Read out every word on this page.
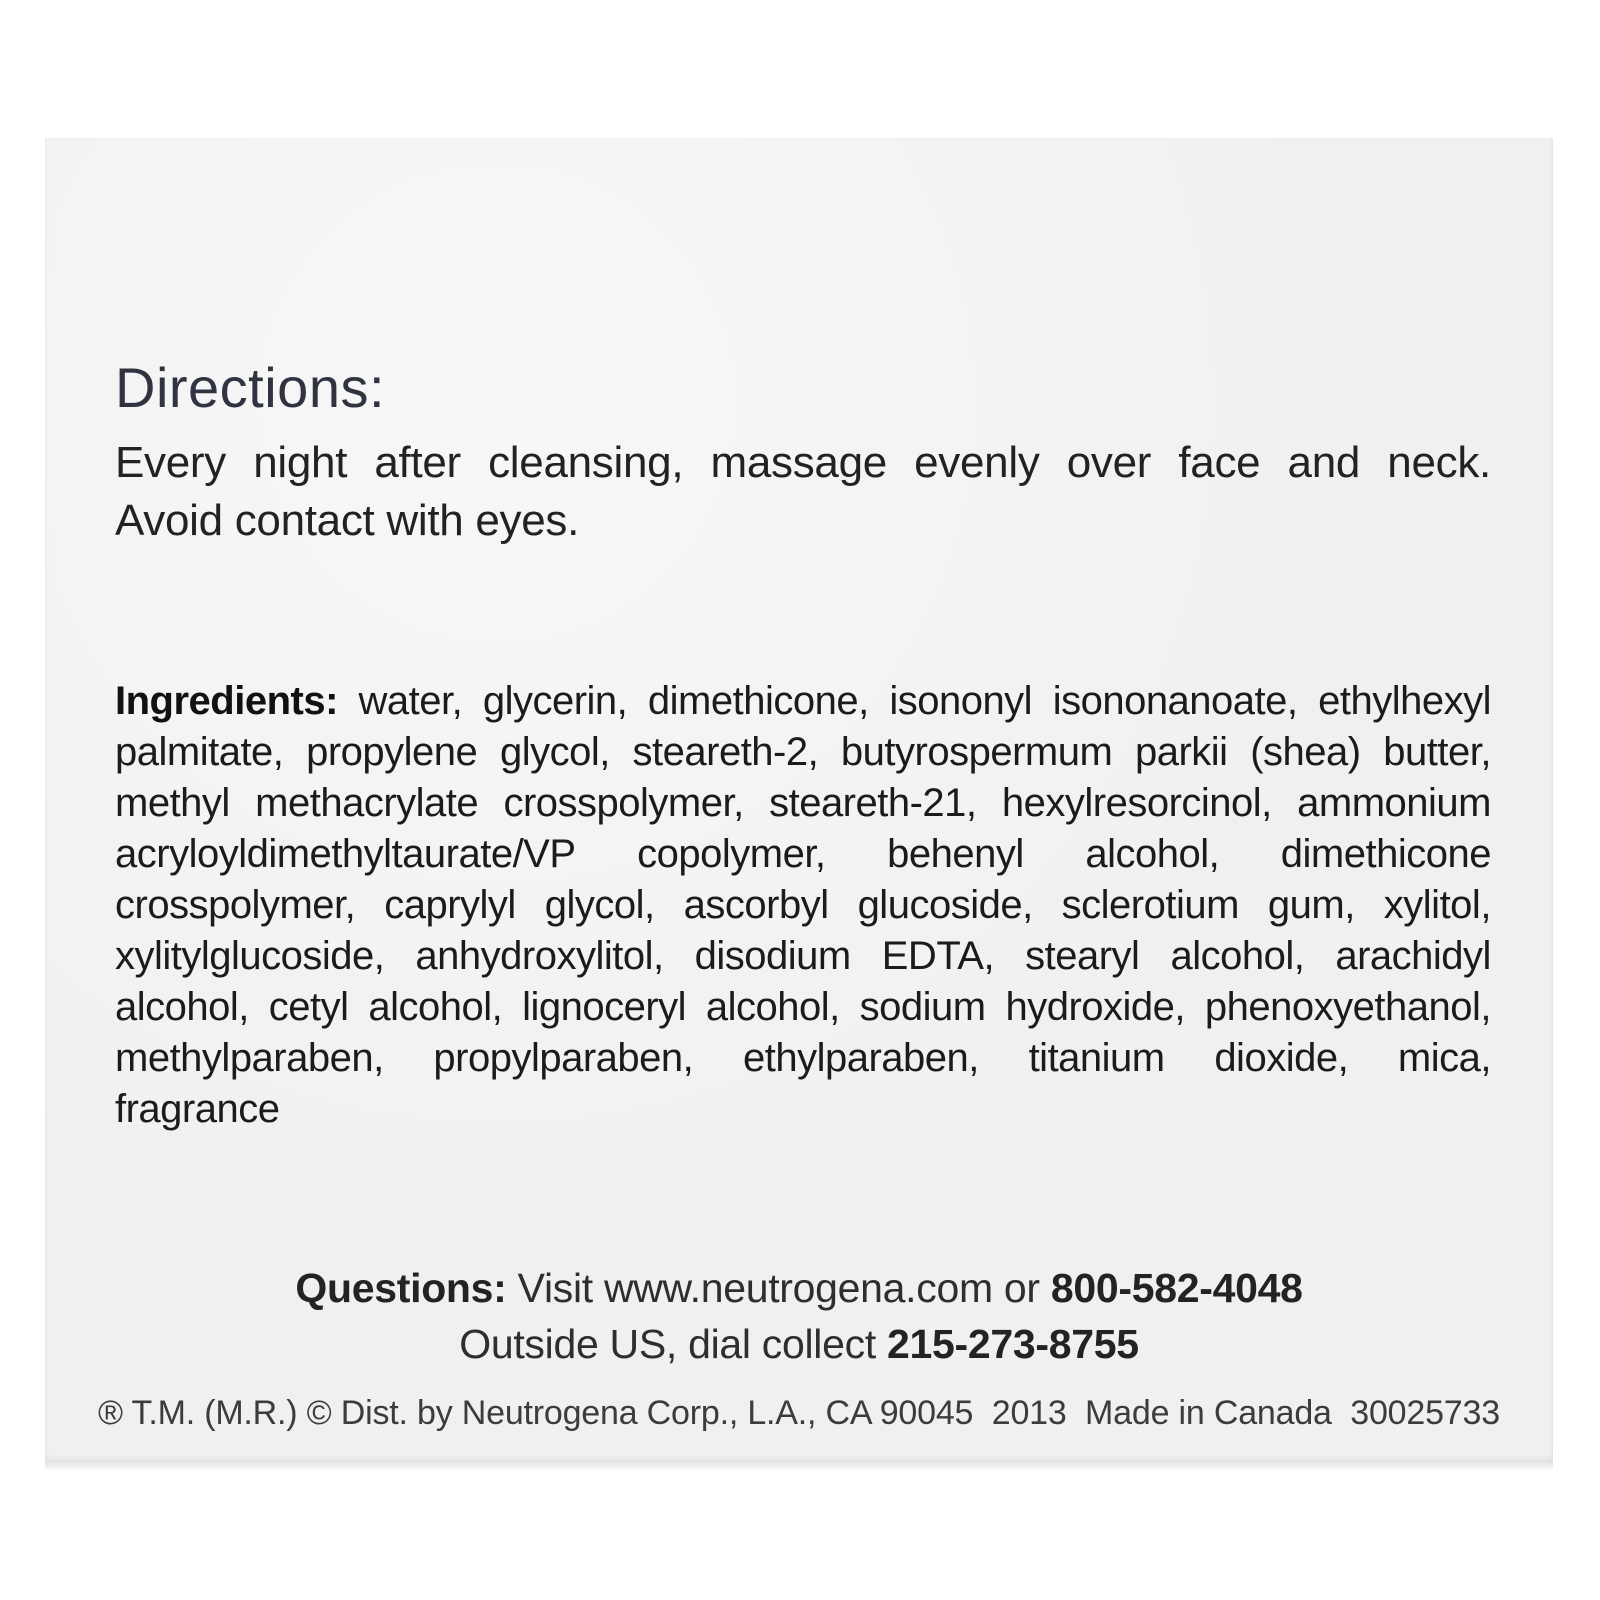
Directions:
Every night after cleansing, massage evenly over face and neck.
Avoid contact with eyes.
Ingredients: water, glycerin, dimethicone, isononyl isononanoate, ethylhexyl
palmitate, propylene glycol, steareth-2, butyrospermum parkii (shea) butter,
methyl methacrylate crosspolymer, steareth-21, hexylresorcinol, ammonium
acryloyldimethyltaurate/VP copolymer, behenyl alcohol, dimethicone
crosspolymer, caprylyl glycol, ascorbyl glucoside, sclerotium gum, xylitol,
xylitylglucoside, anhydroxylitol, disodium EDTA, stearyl alcohol, arachidyl
alcohol, cetyl alcohol, lignoceryl alcohol, sodium hydroxide, phenoxyethanol,
methylparaben, propylparaben, ethylparaben, titanium dioxide, mica,
fragrance
Questions: Visit www.neutrogena.com or 800-582-4048
Outside US, dial collect 215-273-8755
® T.M. (M.R.) © Dist. by Neutrogena Corp., L.A., CA 90045  2013  Made in Canada  30025733
